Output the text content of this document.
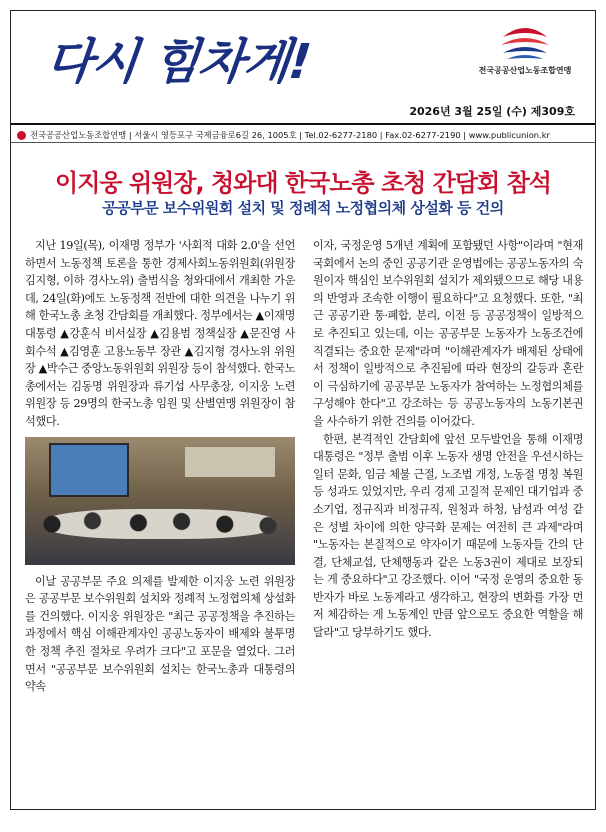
다시 힘차게!	전국공공산업노동조합연맹
2026년 3월 25일 (수) 제309호
전국공공산업노동조합연맹 | 서울시 영등포구 국제금융로6길 26, 1005호 | Tel.02-6277-2180 | Fax.02-6277-2190 | www.publicunion.kr
이지웅 위원장, 청와대 한국노총 초청 간담회 참석
공공부문 보수위원회 설치 및 정례적 노정협의체 상설화 등 건의

지난 19일(목), 이재명 정부가 '사회적 대화 2.0'을 선언하면서 노동정책 토론을 통한 경제사회노동위원회(위원장 김지형, 이하 경사노위) 출범식을 청와대에서 개최한 가운데, 24일(화)에도 노동정책 전반에 대한 의견을 나누기 위해 한국노총 초청 간담회를 개최했다. 정부에서는 ▲이재명 대통령 ▲강훈식 비서실장 ▲김용범 정책실장 ▲문진영 사회수석 ▲김영훈 고용노동부 장관 ▲김지형 경사노위 위원장 ▲박수근 중앙노동위원회 위원장 등이 참석했다. 한국노총에서는 김동명 위원장과 류기섭 사무총장, 이지웅 노련 위원장 등 29명의 한국노총 임원 및 산별연맹 위원장이 참석했다.

이날 공공부문 주요 의제를 발제한 이지웅 노련 위원장은 공공부문 보수위원회 설치와 정례적 노정협의체 상설화를 건의했다. 이지웅 위원장은 "최근 공공정책을 추진하는 과정에서 핵심 이해관계자인 공공노동자이 배제와 불투명한 정책 추진 절차로 우려가 크다"고 포문을 열었다. 그러면서 "공공부문 보수위원회 설치는 한국노총과 대통령의 약속

이자, 국정운영 5개년 계획에 포함됐던 사항"이라며 "현재 국회에서 논의 중인 공공기관 운영법에는 공공노동자의 숙원이자 핵심인 보수위원회 설치가 제외됐으므로 해당 내용의 반영과 조속한 이행이 필요하다"고 요청했다. 또한, "최근 공공기관 통·폐합, 분리, 이전 등 공공정책이 일방적으로 추진되고 있는데, 이는 공공부문 노동자가 노동조건에 직결되는 중요한 문제"라며 "이해관계자가 배제된 상태에서 정책이 일방적으로 추진됨에 따라 현장의 갈등과 혼란이 극심하기에 공공부문 노동자가 참여하는 노정협의체를 구성해야 한다"고 강조하는 등 공공노동자의 노동기본권을 사수하기 위한 건의를 이어갔다.

한편, 본격적인 간담회에 앞선 모두발언을 통해 이재명 대통령은 "정부 출범 이후 노동자 생명 안전을 우선시하는 일터 문화, 임금 체불 근절, 노조법 개정, 노동절 명칭 복원 등 성과도 있었지만, 우리 경제 고질적 문제인 대기업과 중소기업, 정규직과 비정규직, 원청과 하청, 남성과 여성 같은 성별 차이에 의한 양극화 문제는 여전히 큰 과제"라며 "노동자는 본질적으로 약자이기 때문에 노동자들 간의 단결, 단체교섭, 단체행동과 같은 노동3권이 제대로 보장되는 게 중요하다"고 강조했다. 이어 "국정 운영의 중요한 동반자가 바로 노동계라고 생각하고, 현장의 변화를 가장 먼저 체감하는 게 노동계인 만큼 앞으로도 중요한 역할을 해달라"고 당부하기도 했다.
